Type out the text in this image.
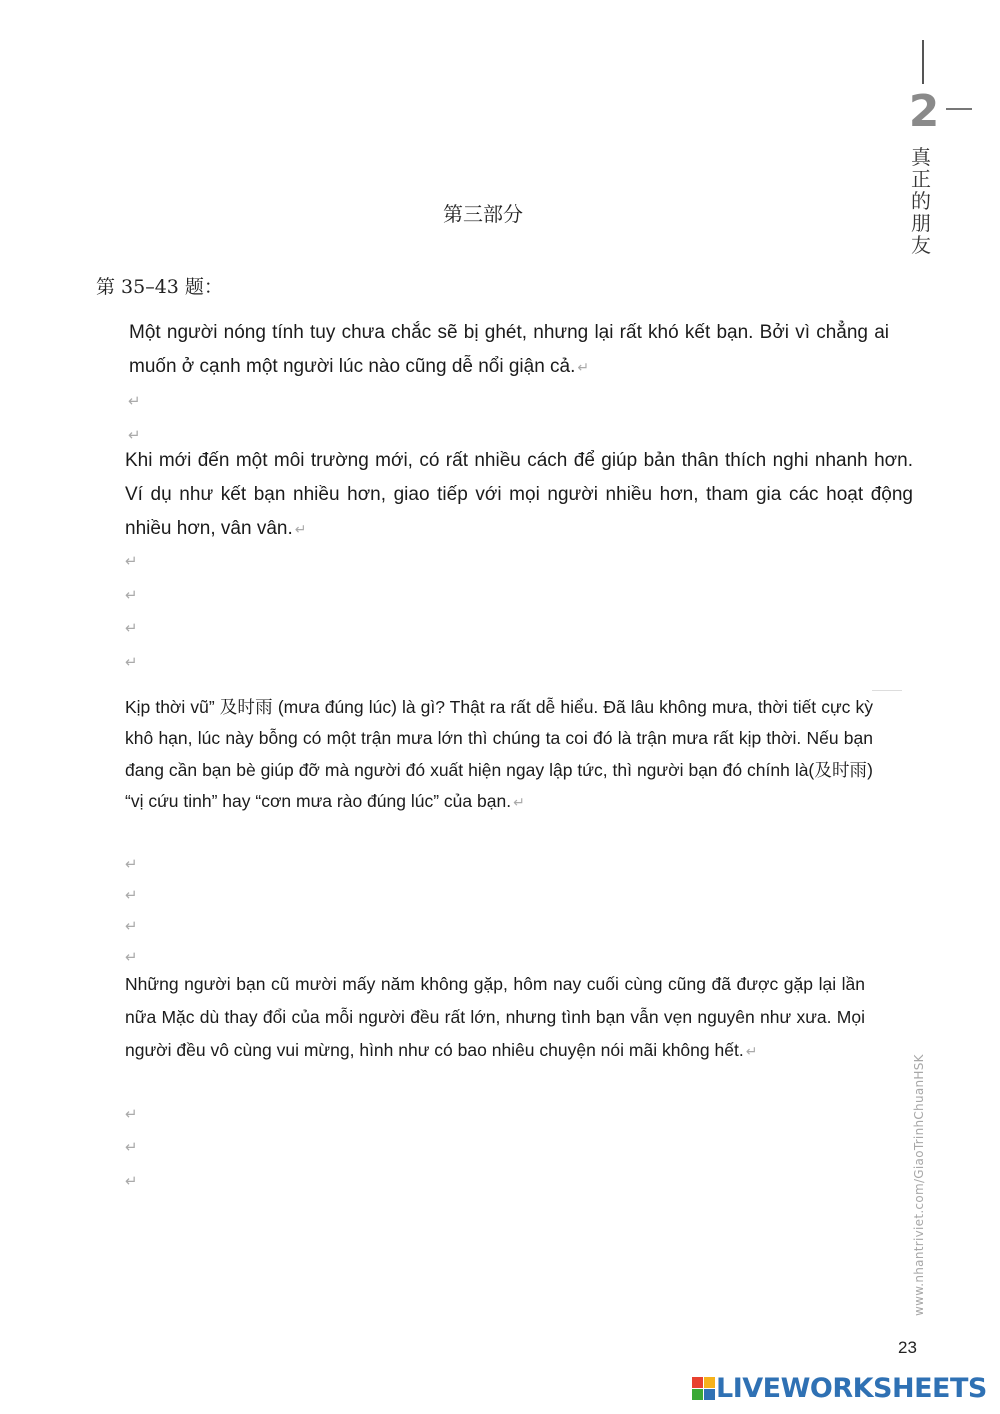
2
真正的朋友
第三部分
第 35–43 题：

Một người nóng tính tuy chưa chắc sẽ bị ghét, nhưng lại rất khó kết bạn. Bởi vì chẳng ai muốn ở cạnh một người lúc nào cũng dễ nổi giận cả. ↵

↵
↵

Khi mới đến một môi trường mới, có rất nhiều cách để giúp bản thân thích nghi nhanh hơn. Ví dụ như kết bạn nhiều hơn, giao tiếp với mọi người nhiều hơn, tham gia các hoạt động nhiều hơn, vân vân. ↵

↵
↵
↵
↵

Kịp thời vũ” 及时雨 (mưa đúng lúc) là gì? Thật ra rất dễ hiểu. Đã lâu không mưa, thời tiết cực kỳ khô hạn, lúc này bỗng có một trận mưa lớn thì chúng ta coi đó là trận mưa rất kịp thời. Nếu bạn đang cần bạn bè giúp đỡ mà người đó xuất hiện ngay lập tức, thì người bạn đó chính là(及时雨) “vị cứu tinh” hay “cơn mưa rào đúng lúc” của bạn. ↵

↵
↵
↵
↵

Những người bạn cũ mười mấy năm không gặp, hôm nay cuối cùng cũng đã được gặp lại lần nữa Mặc dù thay đổi của mỗi người đều rất lớn, nhưng tình bạn vẫn vẹn nguyên như xưa. Mọi người đều vô cùng vui mừng, hình như có bao nhiêu chuyện nói mãi không hết. ↵

↵
↵
↵	www.nhantriviet.com/GiaoTrinhChuanHSK
23
LIVEWORKSHEETS
